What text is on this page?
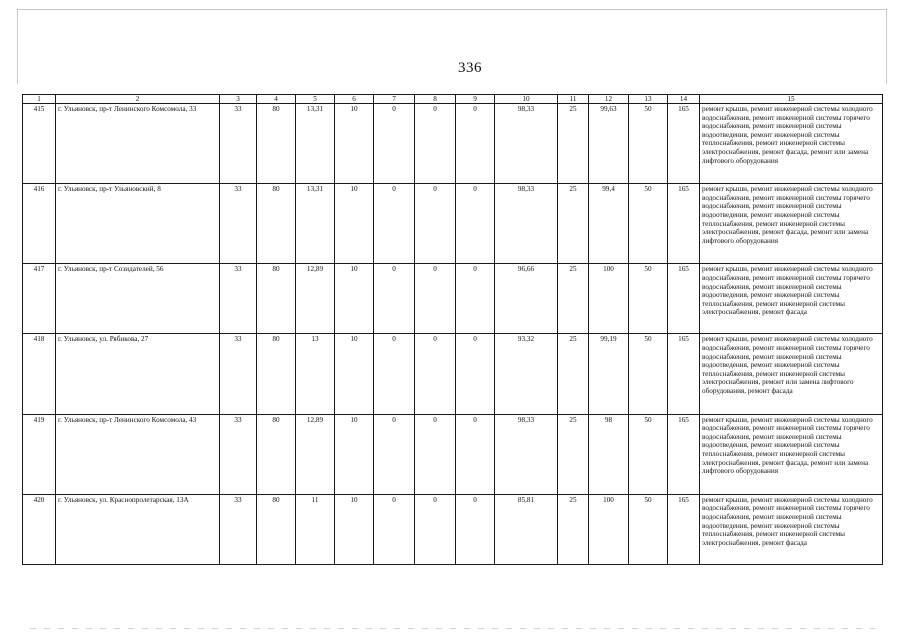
336
1	2	3	4	5	6	7	8	9	10	11	12	13	14	15
415	г. Ульяновск, пр-т Ленинского Комсомола, 33	33	80	13,31	10	0	0	0	98,33	25	99,63	50	165	ремонт крыши, ремонт инженерной системы холодного водоснабжения, ремонт инженерной системы горячего водоснабжения, ремонт инженерной системы водоотведения, ремонт инженерной системы теплоснабжения, ремонт инженерной системы электроснабжения, ремонт фасада, ремонт или замена лифтового оборудования
416	г. Ульяновск, пр-т Ульяновский, 8	33	80	13,31	10	0	0	0	98,33	25	99,4	50	165	ремонт крыши, ремонт инженерной системы холодного водоснабжения, ремонт инженерной системы горячего водоснабжения, ремонт инженерной системы водоотведения, ремонт инженерной системы теплоснабжения, ремонт инженерной системы электроснабжения, ремонт фасада, ремонт или замена лифтового оборудования
417	г. Ульяновск, пр-т Созидателей, 56	33	80	12,89	10	0	0	0	96,66	25	100	50	165	ремонт крыши, ремонт инженерной системы холодного водоснабжения, ремонт инженерной системы горячего водоснабжения, ремонт инженерной системы водоотведения, ремонт инженерной системы теплоснабжения, ремонт инженерной системы электроснабжения, ремонт фасада
418	г. Ульяновск, ул. Рябикова, 27	33	80	13	10	0	0	0	93,32	25	99,19	50	165	ремонт крыши, ремонт инженерной системы холодного водоснабжения, ремонт инженерной системы горячего водоснабжения, ремонт инженерной системы водоотведения, ремонт инженерной системы теплоснабжения, ремонт инженерной системы электроснабжения, ремонт или замена лифтового оборудования, ремонт фасада
419	г. Ульяновск, пр-т Ленинского Комсомола, 43	33	80	12,89	10	0	0	0	98,33	25	98	50	165	ремонт крыши, ремонт инженерной системы холодного водоснабжения, ремонт инженерной системы горячего водоснабжения, ремонт инженерной системы водоотведения, ремонт инженерной системы теплоснабжения, ремонт инженерной системы электроснабжения, ремонт фасада, ремонт или замена лифтового оборудования
420	г. Ульяновск, ул. Краснопролетарская, 13А	33	80	11	10	0	0	0	85,81	25	100	50	165	ремонт крыши, ремонт инженерной системы холодного водоснабжения, ремонт инженерной системы горячего водоснабжения, ремонт инженерной системы водоотведения, ремонт инженерной системы теплоснабжения, ремонт инженерной системы электроснабжения, ремонт фасада
